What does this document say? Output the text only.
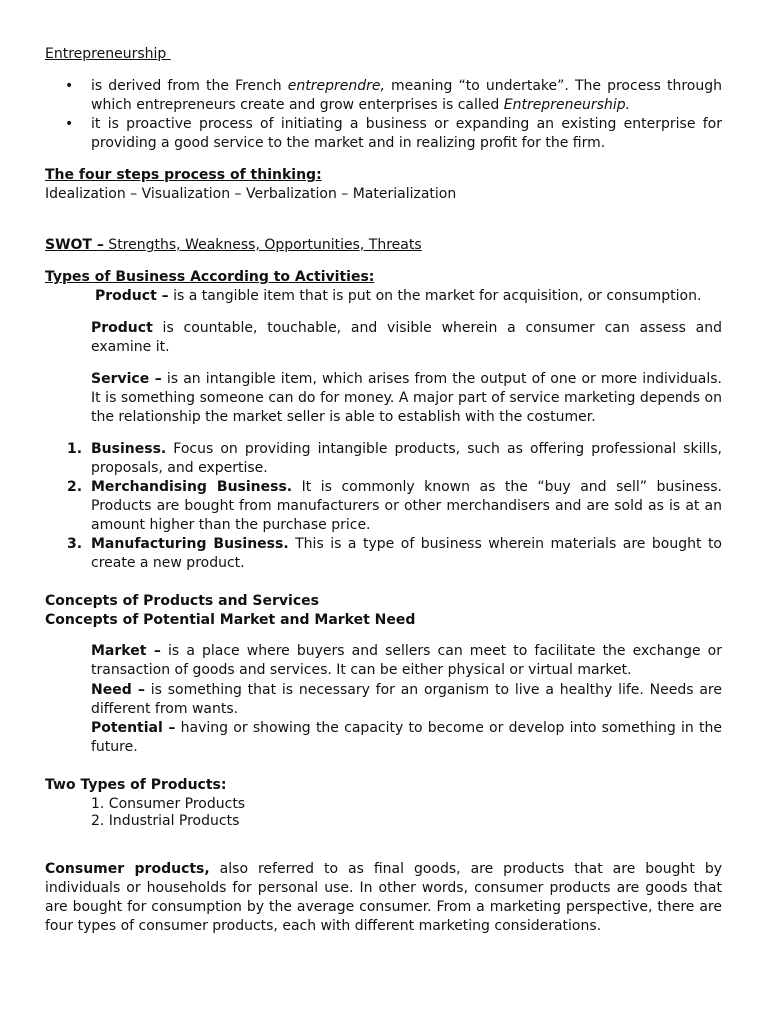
Entrepreneurship

• is derived from the French entreprendre, meaning “to undertake”. The process through which entrepreneurs create and grow enterprises is called Entrepreneurship.
• it is proactive process of initiating a business or expanding an existing enterprise for providing a good service to the market and in realizing profit for the firm.

The four steps process of thinking:

Idealization – Visualization – Verbalization – Materialization

SWOT – Strengths, Weakness, Opportunities, Threats

Types of Business According to Activities:

Product – is a tangible item that is put on the market for acquisition, or consumption.

Product is countable, touchable, and visible wherein a consumer can assess and examine it.

Service – is an intangible item, which arises from the output of one or more individuals. It is something someone can do for money. A major part of service marketing depends on the relationship the market seller is able to establish with the costumer.

1. Business. Focus on providing intangible products, such as offering professional skills, proposals, and expertise.
2. Merchandising Business. It is commonly known as the “buy and sell” business. Products are bought from manufacturers or other merchandisers and are sold as is at an amount higher than the purchase price.
3. Manufacturing Business. This is a type of business wherein materials are bought to create a new product.

Concepts of Products and Services

Concepts of Potential Market and Market Need

Market – is a place where buyers and sellers can meet to facilitate the exchange or transaction of goods and services. It can be either physical or virtual market.

Need – is something that is necessary for an organism to live a healthy life. Needs are different from wants.

Potential – having or showing the capacity to become or develop into something in the future.

Two Types of Products:

1. Consumer Products

2. Industrial Products

Consumer products, also referred to as final goods, are products that are bought by individuals or households for personal use. In other words, consumer products are goods that are bought for consumption by the average consumer. From a marketing perspective, there are four types of consumer products, each with different marketing considerations.
